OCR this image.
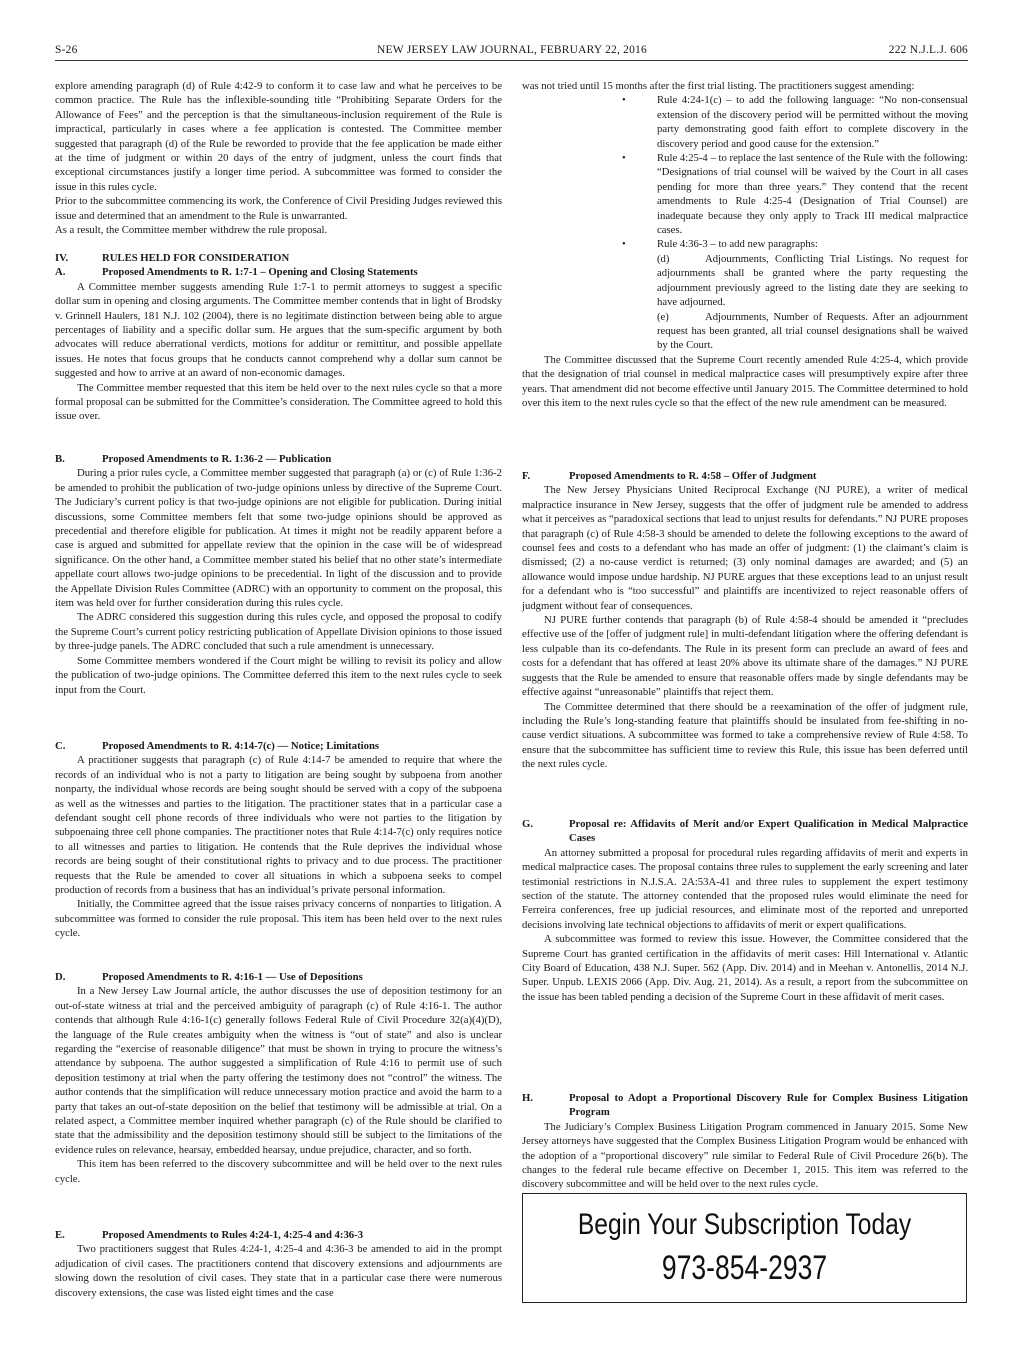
S-26	NEW JERSEY LAW JOURNAL, FEBRUARY 22, 2016	222 N.J.L.J. 606

explore amending paragraph (d) of Rule 4:42-9 to conform it to case law and what he perceives to be common practice. The Rule has the inflexible-sounding title “Prohibiting Separate Orders for the Allowance of Fees” and the perception is that the simultaneous-inclusion requirement of the Rule is impractical, particularly in cases where a fee application is contested. The Committee member suggested that paragraph (d) of the Rule be reworded to provide that the fee application be made either at the time of judgment or within 20 days of the entry of judgment, unless the court finds that exceptional circumstances justify a longer time period. A subcommittee was formed to consider the issue in this rules cycle.

Prior to the subcommittee commencing its work, the Conference of Civil Presiding Judges reviewed this issue and determined that an amendment to the Rule is unwarranted.

As a result, the Committee member withdrew the rule proposal.

IV.	RULES HELD FOR CONSIDERATION
A.	Proposed Amendments to R. 1:7-1 – Opening and Closing Statements

A Committee member suggests amending Rule 1:7-1 to permit attorneys to suggest a specific dollar sum in opening and closing arguments. The Committee member contends that in light of Brodsky v. Grinnell Haulers, 181 N.J. 102 (2004), there is no legitimate distinction between being able to argue percentages of liability and a specific dollar sum. He argues that the sum-specific argument by both advocates will reduce aberrational verdicts, motions for additur or remittitur, and possible appellate issues. He notes that focus groups that he conducts cannot comprehend why a dollar sum cannot be suggested and how to arrive at an award of non-economic damages.

The Committee member requested that this item be held over to the next rules cycle so that a more formal proposal can be submitted for the Committee’s consideration. The Committee agreed to hold this issue over.

B.	Proposed Amendments to R. 1:36-2 — Publication

During a prior rules cycle, a Committee member suggested that paragraph (a) or (c) of Rule 1:36-2 be amended to prohibit the publication of two-judge opinions unless by directive of the Supreme Court. The Judiciary’s current policy is that two-judge opinions are not eligible for publication. During initial discussions, some Committee members felt that some two-judge opinions should be approved as precedential and therefore eligible for publication. At times it might not be readily apparent before a case is argued and submitted for appellate review that the opinion in the case will be of widespread significance. On the other hand, a Committee member stated his belief that no other state’s intermediate appellate court allows two-judge opinions to be precedential. In light of the discussion and to provide the Appellate Division Rules Committee (ADRC) with an opportunity to comment on the proposal, this item was held over for further consideration during this rules cycle.

The ADRC considered this suggestion during this rules cycle, and opposed the proposal to codify the Supreme Court’s current policy restricting publication of Appellate Division opinions to those issued by three-judge panels. The ADRC concluded that such a rule amendment is unnecessary.

Some Committee members wondered if the Court might be willing to revisit its policy and allow the publication of two-judge opinions. The Committee deferred this item to the next rules cycle to seek input from the Court.

C.	Proposed Amendments to R. 4:14-7(c) — Notice; Limitations

A practitioner suggests that paragraph (c) of Rule 4:14-7 be amended to require that where the records of an individual who is not a party to litigation are being sought by subpoena from another nonparty, the individual whose records are being sought should be served with a copy of the subpoena as well as the witnesses and parties to the litigation. The practitioner states that in a particular case a defendant sought cell phone records of three individuals who were not parties to the litigation by subpoenaing three cell phone companies. The practitioner notes that Rule 4:14-7(c) only requires notice to all witnesses and parties to litigation. He contends that the Rule deprives the individual whose records are being sought of their constitutional rights to privacy and to due process. The practitioner requests that the Rule be amended to cover all situations in which a subpoena seeks to compel production of records from a business that has an individual’s private personal information.

Initially, the Committee agreed that the issue raises privacy concerns of nonparties to litigation. A subcommittee was formed to consider the rule proposal. This item has been held over to the next rules cycle.

D.	Proposed Amendments to R. 4:16-1 — Use of Depositions

In a New Jersey Law Journal article, the author discusses the use of deposition testimony for an out-of-state witness at trial and the perceived ambiguity of paragraph (c) of Rule 4:16-1. The author contends that although Rule 4:16-1(c) generally follows Federal Rule of Civil Procedure 32(a)(4)(D), the language of the Rule creates ambiguity when the witness is “out of state” and also is unclear regarding the “exercise of reasonable diligence” that must be shown in trying to procure the witness’s attendance by subpoena. The author suggested a simplification of Rule 4:16 to permit use of such deposition testimony at trial when the party offering the testimony does not “control” the witness. The author contends that the simplification will reduce unnecessary motion practice and avoid the harm to a party that takes an out-of-state deposition on the belief that testimony will be admissible at trial. On a related aspect, a Committee member inquired whether paragraph (c) of the Rule should be clarified to state that the admissibility and the deposition testimony should still be subject to the limitations of the evidence rules on relevance, hearsay, embedded hearsay, undue prejudice, character, and so forth.

This item has been referred to the discovery subcommittee and will be held over to the next rules cycle.

E.	Proposed Amendments to Rules 4:24-1, 4:25-4 and 4:36-3

Two practitioners suggest that Rules 4:24-1, 4:25-4 and 4:36-3 be amended to aid in the prompt adjudication of civil cases. The practitioners contend that discovery extensions and adjournments are slowing down the resolution of civil cases. They state that in a particular case there were numerous discovery extensions, the case was listed eight times and the case

was not tried until 15 months after the first trial listing. The practitioners suggest amending:

•	Rule 4:24-1(c) – to add the following language: “No non-consensual extension of the discovery period will be permitted without the moving party demonstrating good faith effort to complete discovery in the discovery period and good cause for the extension.”

•	Rule 4:25-4 – to replace the last sentence of the Rule with the following: “Designations of trial counsel will be waived by the Court in all cases pending for more than three years.” They contend that the recent amendments to Rule 4:25-4 (Designation of Trial Counsel) are inadequate because they only apply to Track III medical malpractice cases.

•	Rule 4:36-3 – to add new paragraphs:

(d)	Adjournments, Conflicting Trial Listings. No request for adjournments shall be granted where the party requesting the adjournment previously agreed to the listing date they are seeking to have adjourned.

(e)	Adjournments, Number of Requests. After an adjournment request has been granted, all trial counsel designations shall be waived by the Court.

The Committee discussed that the Supreme Court recently amended Rule 4:25-4, which provide that the designation of trial counsel in medical malpractice cases will presumptively expire after three years. That amendment did not become effective until January 2015. The Committee determined to hold over this item to the next rules cycle so that the effect of the new rule amendment can be measured.

F.	Proposed Amendments to R. 4:58 – Offer of Judgment

The New Jersey Physicians United Reciprocal Exchange (NJ PURE), a writer of medical malpractice insurance in New Jersey, suggests that the offer of judgment rule be amended to address what it perceives as “paradoxical sections that lead to unjust results for defendants.” NJ PURE proposes that paragraph (c) of Rule 4:58-3 should be amended to delete the following exceptions to the award of counsel fees and costs to a defendant who has made an offer of judgment: (1) the claimant’s claim is dismissed; (2) a no-cause verdict is returned; (3) only nominal damages are awarded; and (5) an allowance would impose undue hardship. NJ PURE argues that these exceptions lead to an unjust result for a defendant who is “too successful” and plaintiffs are incentivized to reject reasonable offers of judgment without fear of consequences.

NJ PURE further contends that paragraph (b) of Rule 4:58-4 should be amended it “precludes effective use of the [offer of judgment rule] in multi-defendant litigation where the offering defendant is less culpable than its co-defendants. The Rule in its present form can preclude an award of fees and costs for a defendant that has offered at least 20% above its ultimate share of the damages.” NJ PURE suggests that the Rule be amended to ensure that reasonable offers made by single defendants may be effective against “unreasonable” plaintiffs that reject them.

The Committee determined that there should be a reexamination of the offer of judgment rule, including the Rule’s long-standing feature that plaintiffs should be insulated from fee-shifting in no-cause verdict situations. A subcommittee was formed to take a comprehensive review of Rule 4:58. To ensure that the subcommittee has sufficient time to review this Rule, this issue has been deferred until the next rules cycle.

G.	Proposal re: Affidavits of Merit and/or Expert Qualification in Medical Malpractice Cases

An attorney submitted a proposal for procedural rules regarding affidavits of merit and experts in medical malpractice cases. The proposal contains three rules to supplement the early screening and later testimonial restrictions in N.J.S.A. 2A:53A-41 and three rules to supplement the expert testimony section of the statute. The attorney contended that the proposed rules would eliminate the need for Ferreira conferences, free up judicial resources, and eliminate most of the reported and unreported decisions involving late technical objections to affidavits of merit or expert qualifications.

A subcommittee was formed to review this issue. However, the Committee considered that the Supreme Court has granted certification in the affidavits of merit cases: Hill International v. Atlantic City Board of Education, 438 N.J. Super. 562 (App. Div. 2014) and in Meehan v. Antonellis, 2014 N.J. Super. Unpub. LEXIS 2066 (App. Div. Aug. 21, 2014). As a result, a report from the subcommittee on the issue has been tabled pending a decision of the Supreme Court in these affidavit of merit cases.

H.	Proposal to Adopt a Proportional Discovery Rule for Complex Business Litigation Program

The Judiciary’s Complex Business Litigation Program commenced in January 2015. Some New Jersey attorneys have suggested that the Complex Business Litigation Program would be enhanced with the adoption of a “proportional discovery” rule similar to Federal Rule of Civil Procedure 26(b). The changes to the federal rule became effective on December 1, 2015. This item was referred to the discovery subcommittee and will be held over to the next rules cycle.

Begin Your Subscription Today
973-854-2937
